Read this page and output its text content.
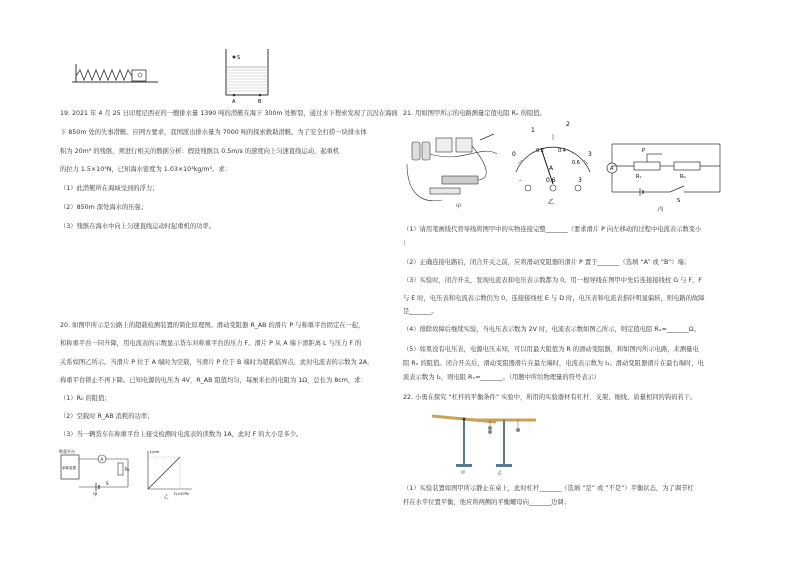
S
A	B
19. 2021 年 4 月 25 日印度尼西亚的一艘排水量 1390 吨的潜艇在海下 300m 处断裂，通过水下搜索发现了沉没在海面
下 850m 处的失事潜艇。应网方要求，我国派出排水量为 7000 吨的探索救助潜艇。为了安全打捞一块排水体
积为 20m³ 的残骸，须进行相关的数据分析：假设残骸以 0.5m/s 的速度向上匀速直线运动，起重机
的拉力 1.5×10⁵N，已知海水密度为 1.03×10³kg/m³。求：
（1）此潜艇所在海域受到的浮力；
（2）850m 深处海水的压强；
（3）残骸在海水中向上匀速直线运动时起重机的功率。
20. 如图甲所示是公路上的超载检测装置的简化原理图。滑动变阻器 R_AB 的滑片 P 与称重平台固定在一起，
和称重平台一同升降，用电流表的示数显示货车对称重平台的压力 F。滑片 P 从 A 端下滑距离 L 与压力 F 的
关系如图乙所示。当滑片 P 位于 A 端时为空载，当滑片 P 位于 B 端时为超载临界点，此时电流表的示数为 2A，
称重平台锁止不再下降。已知电源的电压为 4V，R_AB 阻值均匀，每厘米长的电阻为 1Ω，总长为 8cm，求：
（1）R₀ 的阻值；
（2）空载时 R_AB 消耗的功率；
（3）当一辆货车在称重平台上接受检测时电流表的读数为 1A，此时 F 的大小是多少。
称重平台
承载装置
A
R₀
S
甲
L/cm
F/×10⁴N
乙
21. 用如图甲所示的电路测量定值电阻 Rₓ 的阻值。
（1）请用笔画线代替导线将图甲中的实物连接完整_______（要求滑片 P 向左移动的过程中电流表示数变小
）
（2）正确连接电路后，闭合开关之前，应将滑动变阻器的滑片 P 置于_______（选填 “A” 或 “B”）端；
（3）实验时，闭合开关，发现电流表和电压表示数都为 0。用一根导线在图甲中先后连接接线柱 G 与 F，F
与 E 时，电压表和电流表示数仍为 0，连接接线柱 E 与 D 时，电压表和电流表指针明显偏转，则电路的故障
是_______。
（4）排除故障后继续实验，当电压表示数为 2V 时，电流表示数如图乙所示，则定值电阻 Rₓ=_______Ω。
（5）如果没有电压表，电源电压未知，可以用最大阻值为 R 的滑动变阻器，和如图丙所示电路，来测量电
阻 Rₓ 的阻值。闭合开关后，滑动变阻器滑片在最左端时，电流表示数为 I₁；滑动变阻器滑片在最右端时，电
流表示数为 I₂，则电阻 Rₓ=_______。（用题中所给物理量的符号表示）
22. 小勇在探究 “杠杆的平衡条件” 实验中，所用的实验器材有杠杆、支架、细线、质量相同的钩码若干。
（1）实验装置如图甲所示静止在桌上，此时杠杆_______（选填 “是” 或 “不是”）平衡状态，为了调节杠
杆在水平位置平衡，他应将两侧的平衡螺母向_______边调；
甲
1
2
0	3
0.2	0.4
0.6
A
-	0.6	3
乙
A
P
Rₓ	R₀
S
丙
甲	乙
